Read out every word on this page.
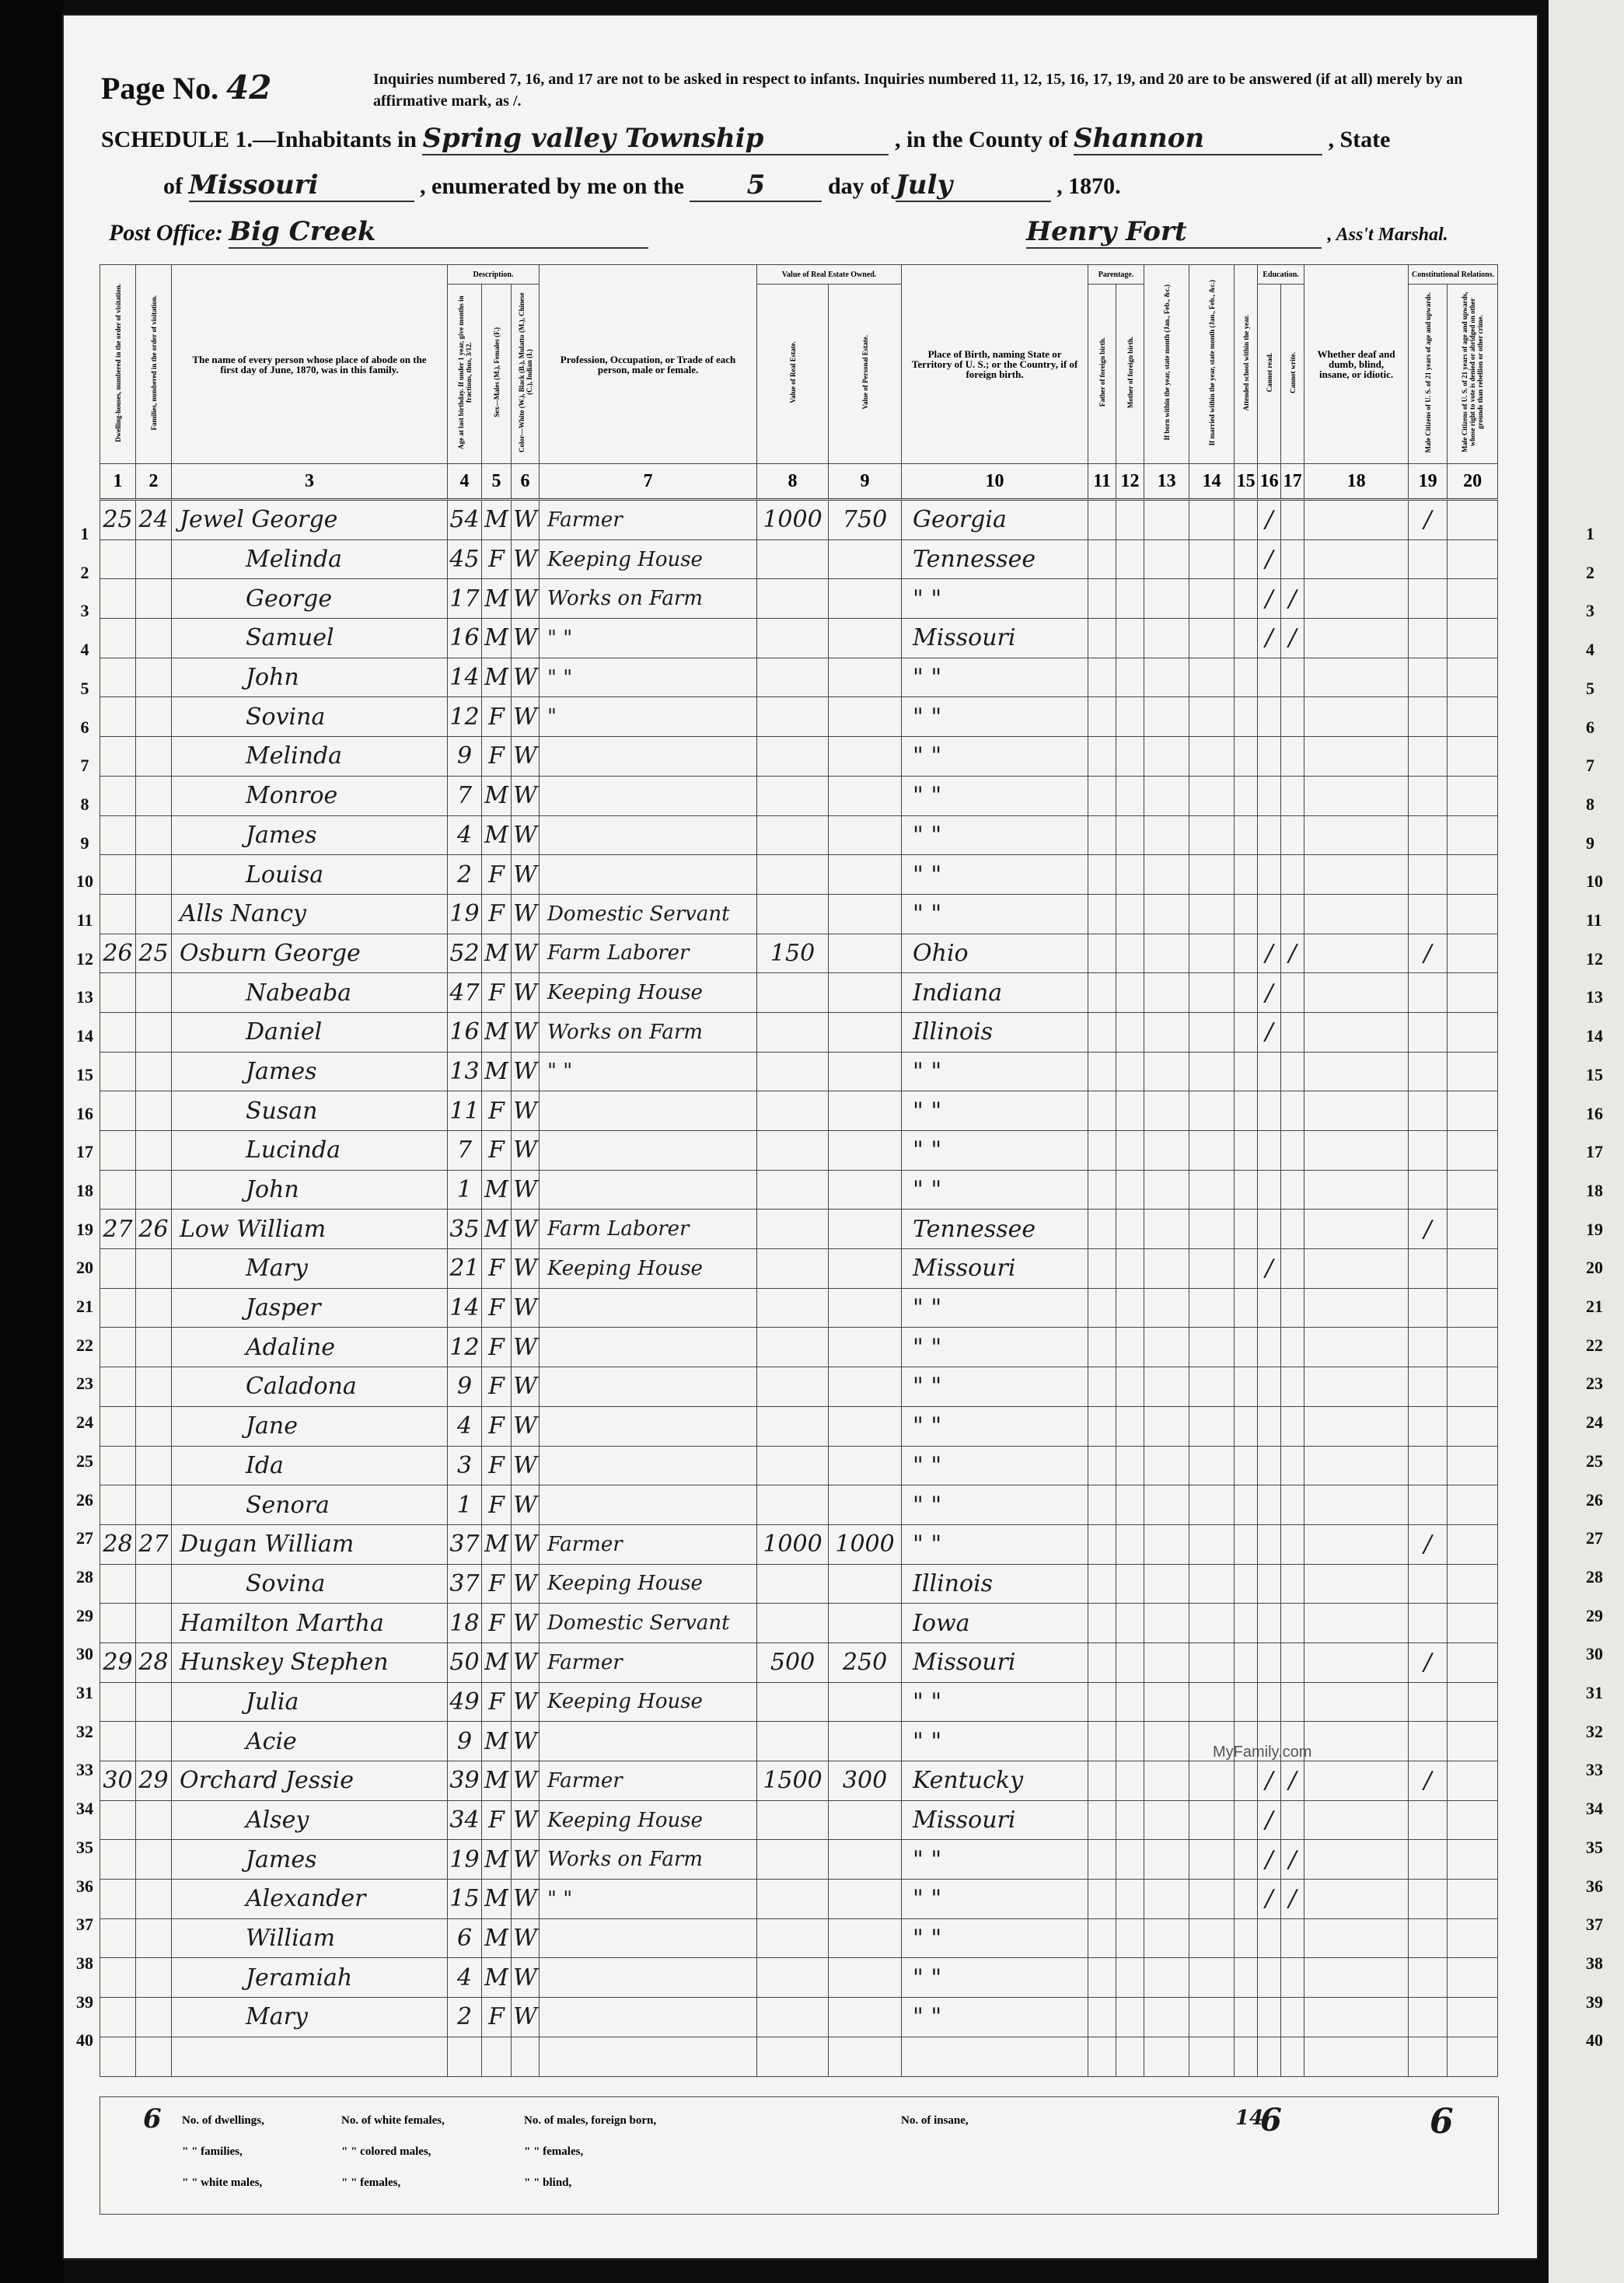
1
2
3
4
5
6
7
8
9
10
11
12
13
14
15
16
17
18
19
20
21
22
23
24
25
26
27
28
29
30
31
32
33
34
35
36
37
38
39
40
1
2
3
4
5
6
7
8
9
10
11
12
13
14
15
16
17
18
19
20
21
22
23
24
25
26
27
28
29
30
31
32
33
34
35
36
37
38
39
40
Page No. 42	Inquiries numbered 7, 16, and 17 are not to be asked in respect to infants. Inquiries numbered 11, 12, 15, 16, 17, 19, and 20 are to be answered (if at all) merely by an affirmative mark, as /.
SCHEDULE 1.—Inhabitants in Spring valley Township	, in the County of Shannon	, State
of Missouri	, enumerated by me on the 5	day of July	, 1870.
Post Office: Big Creek	Henry Fort	, Ass't Marshal.
Dwelling-houses, numbered in the order of visitation.	Families, numbered in the order of visitation.	The name of every person whose place of abode on the first day of June, 1870, was in this family.	Description.			Profession, Occupation, or Trade of each person, male or female.	Value of Real Estate Owned.		Place of Birth, naming State or Territory of U. S.; or the Country, if of foreign birth.	Parentage.		If born within the year, state month (Jan., Feb., &c.)	If married within the year, state month (Jan., Feb., &c.)	Attended school within the year.	Education.		Whether deaf and dumb, blind, insane, or idiotic.	Constitutional Relations.	
			Age at last birthday. If under 1 year, give months in fractions, thus, 3/12.	Sex—Males (M.), Females (F.)	Color—White (W.), Black (B.), Mulatto (M.), Chinese (C.), Indian (I.)		Value of Real Estate.	Value of Personal Estate.		Father of foreign birth.	Mother of foreign birth.				Cannot read.	Cannot write.		Male Citizens of U. S. of 21 years of age and upwards.	Male Citizens of U. S. of 21 years of age and upwards, whose right to vote is denied or abridged on other grounds than rebellion or other crime.
1	2	3	4	5	6	7	8	9	10	11	12	13	14	15	16	17	18	19	20
25	24	Jewel George	54	M	W	Farmer	1000	750	Georgia						/			/	
		Melinda	45	F	W	Keeping House			Tennessee						/				
		George	17	M	W	Works on Farm			" "						/	/			
		Samuel	16	M	W	" "			Missouri						/	/			
		John	14	M	W	" "			" "										
		Sovina	12	F	W	"			" "										
		Melinda	9	F	W				" "										
		Monroe	7	M	W				" "										
		James	4	M	W				" "										
		Louisa	2	F	W				" "										
		Alls Nancy	19	F	W	Domestic Servant			" "										
26	25	Osburn George	52	M	W	Farm Laborer	150		Ohio						/	/		/	
		Nabeaba	47	F	W	Keeping House			Indiana						/				
		Daniel	16	M	W	Works on Farm			Illinois						/				
		James	13	M	W	" "			" "										
		Susan	11	F	W				" "										
		Lucinda	7	F	W				" "										
		John	1	M	W				" "										
27	26	Low William	35	M	W	Farm Laborer			Tennessee									/	
		Mary	21	F	W	Keeping House			Missouri						/				
		Jasper	14	F	W				" "										
		Adaline	12	F	W				" "										
		Caladona	9	F	W				" "										
		Jane	4	F	W				" "										
		Ida	3	F	W				" "										
		Senora	1	F	W				" "										
28	27	Dugan William	37	M	W	Farmer	1000	1000	" "									/	
		Sovina	37	F	W	Keeping House			Illinois										
		Hamilton Martha	18	F	W	Domestic Servant			Iowa										
29	28	Hunskey Stephen	50	M	W	Farmer	500	250	Missouri									/	
		Julia	49	F	W	Keeping House			" "										
		Acie	9	M	W				" "										
30	29	Orchard Jessie	39	M	W	Farmer	1500	300	Kentucky						/	/		/	
		Alsey	34	F	W	Keeping House			Missouri						/				
		James	19	M	W	Works on Farm			" "						/	/			
		Alexander	15	M	W	" "			" "						/	/			
		William	6	M	W				" "										
		Jeramiah	4	M	W				" "										
		Mary	2	F	W				" "										

6 No. of dwellings,	No. of white females,	No. of males, foreign born,	No. of insane,
" " families,	" " colored males,	" " females,
" " white males,	" " females,	" " blind,
14
6	6
MyFamily.com
